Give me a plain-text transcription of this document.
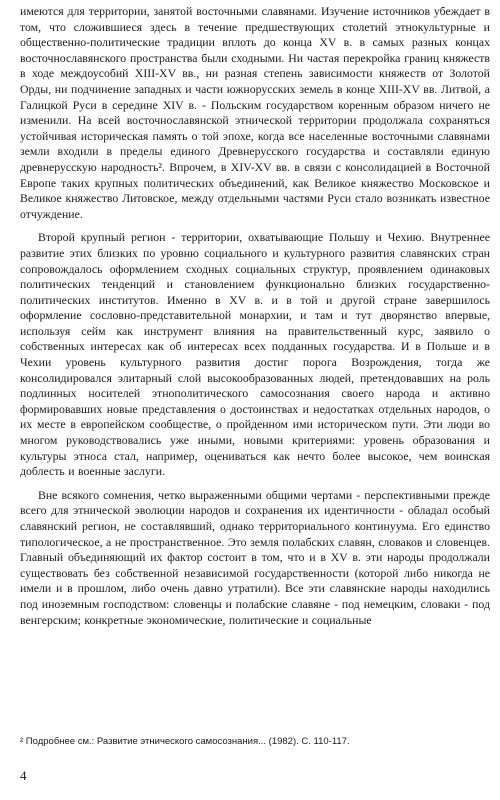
имеются для территории, занятой восточными славянами. Изучение источников убеждает в том, что сложившиеся здесь в течение предшествующих столетий этнокультурные и общественно-политические традиции вплоть до конца XV в. в самых разных концах восточнославянского пространства были сходными. Ни частая перекройка границ княжеств в ходе междоусобий XIII-XV вв., ни разная степень зависимости княжеств от Золотой Орды, ни подчинение западных и части южнорусских земель в конце XIII-XV вв. Литвой, а Галицкой Руси в середине XIV в. - Польским государством коренным образом ничего не изменили. На всей восточнославянской этнической территории продолжала сохраняться устойчивая историческая память о той эпохе, когда все населенные восточными славянами земли входили в пределы единого Древнерусского государства и составляли единую древнерусскую народность². Впрочем, в XIV-XV вв. в связи с консолидацией в Восточной Европе таких крупных политических объединений, как Великое княжество Московское и Великое княжество Литовское, между отдельными частями Руси стало возникать известное отчуждение.

Второй крупный регион - территории, охватывающие Польшу и Чехию. Внутреннее развитие этих близких по уровню социального и культурного развития славянских стран сопровождалось оформлением сходных социальных структур, проявлением одинаковых политических тенденций и становлением функционально близких государственно-политических институтов. Именно в XV в. и в той и другой стране завершилось оформление сословно-представительной монархии, и там и тут дворянство впервые, используя сейм как инструмент влияния на правительственный курс, заявило о собственных интересах как об интересах всех подданных государства. И в Польше и в Чехии уровень культурного развития достиг порога Возрождения, тогда же консолидировался элитарный слой высокообразованных людей, претендовавших на роль подлинных носителей этнополитического самосознания своего народа и активно формировавших новые представления о достоинствах и недостатках отдельных народов, о их месте в европейском сообществе, о пройденном ими историческом пути. Эти люди во многом руководствовались уже иными, новыми критериями: уровень образования и культуры этноса стал, например, оцениваться как нечто более высокое, чем воинская доблесть и военные заслуги.

Вне всякого сомнения, четко выраженными общими чертами - перспективными прежде всего для этнической эволюции народов и сохранения их идентичности - обладал особый славянский регион, не составлявший, однако территориального континуума. Его единство типологическое, а не пространственное. Это земля полабских славян, словаков и словенцев. Главный объединяющий их фактор состоит в том, что и в XV в. эти народы продолжали существовать без собственной независимой государственности (которой либо никогда не имели и в прошлом, либо очень давно утратили). Все эти славянские народы находились под иноземным господством: словенцы и полабские славяне - под немецким, словаки - под венгерским; конкретные экономические, политические и социальные

² Подробнее см.: Развитие этнического самосознания... (1982). С. 110-117.
4
